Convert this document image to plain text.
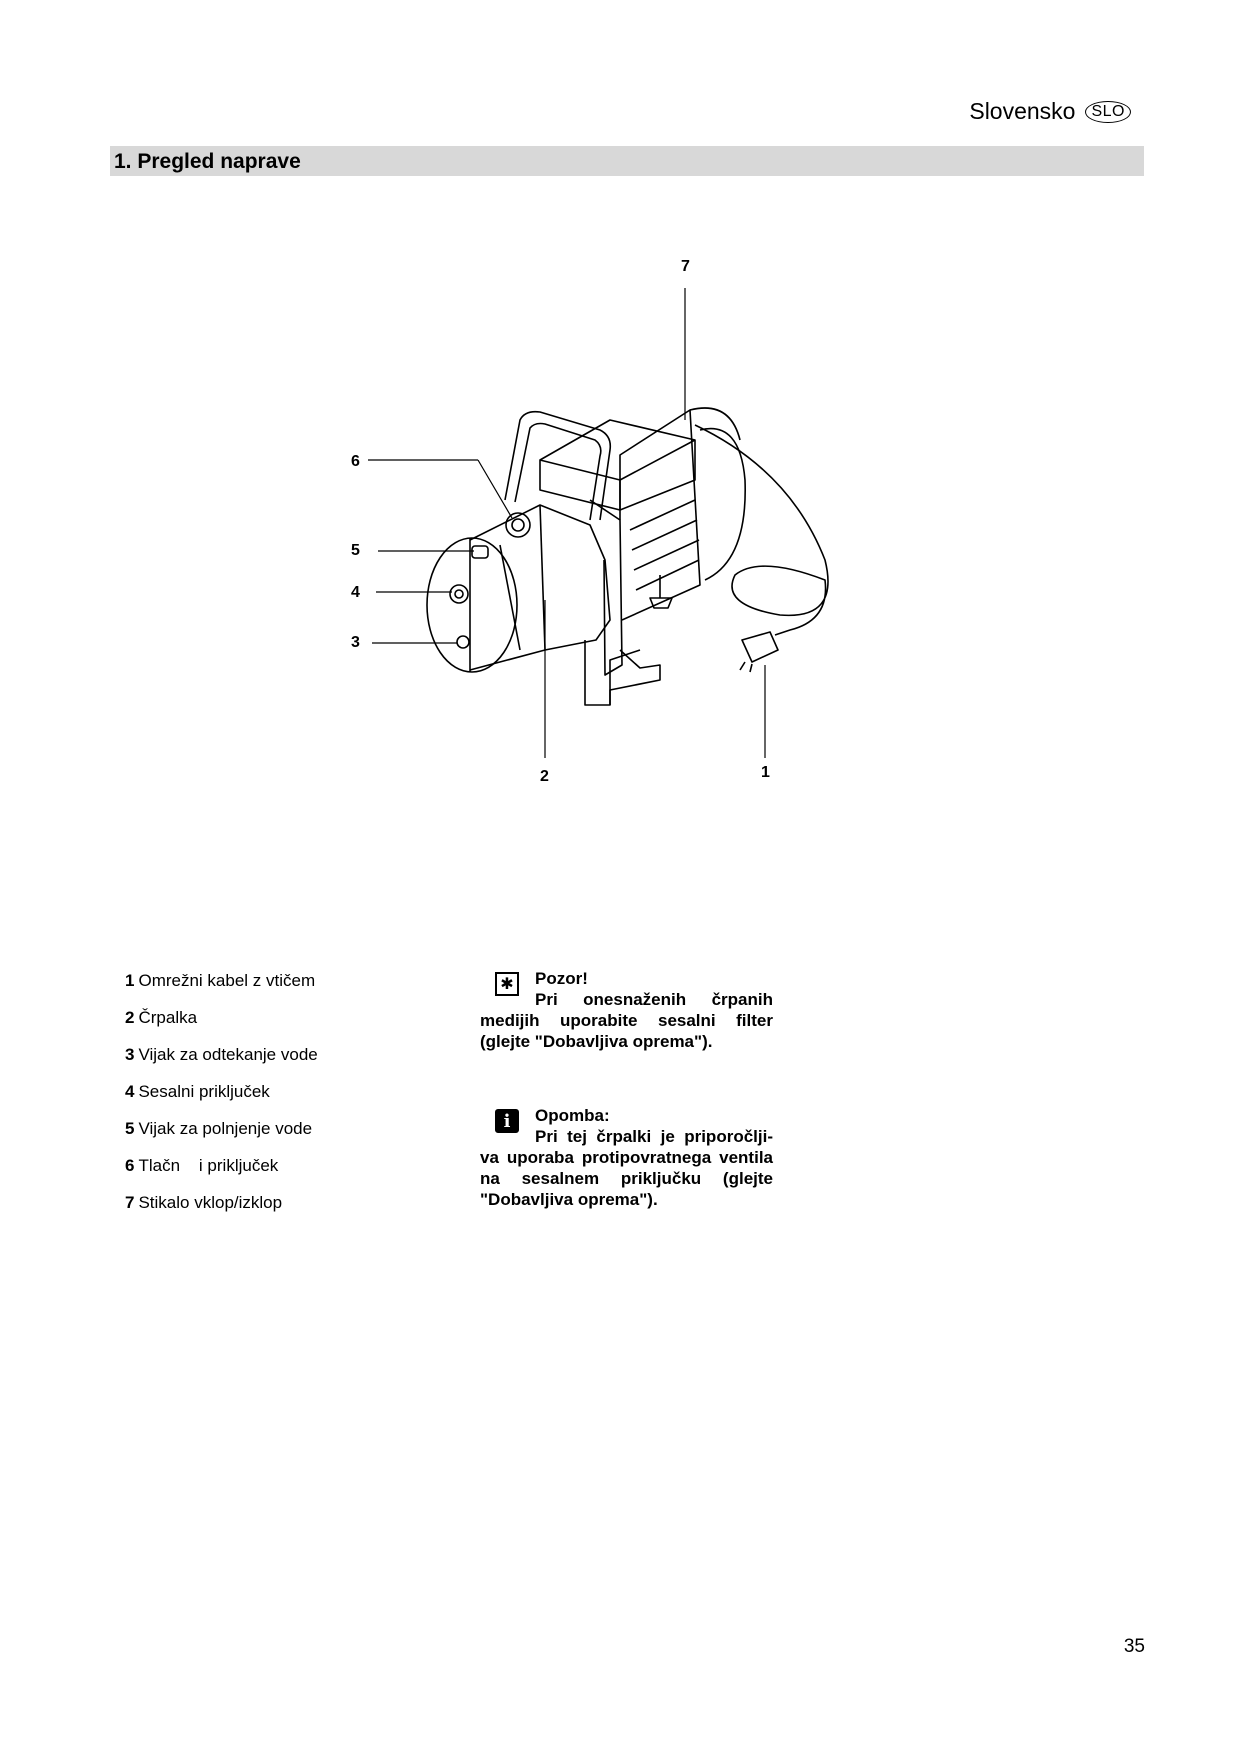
Slovensko	SLO
1. Pregled naprave
7
6
5
4
3
2	1
1 Omrežni kabel z vtičem
2 Črpalka
3 Vijak za odtekanje vode
4 Sesalni priključek
5 Vijak za polnjenje vode
6 Tlačn    i priključek
7 Stikalo vklop/izklop
✱	Pozor!
Pri onesnaženih črpanih medijih uporabite sesalni filter (glejte "Dobavljiva oprema").
i	Opomba:
Pri tej črpalki je priporočlji-va uporaba protipovratnega ventila na sesalnem priključku (glejte "Dobavljiva oprema").
35
